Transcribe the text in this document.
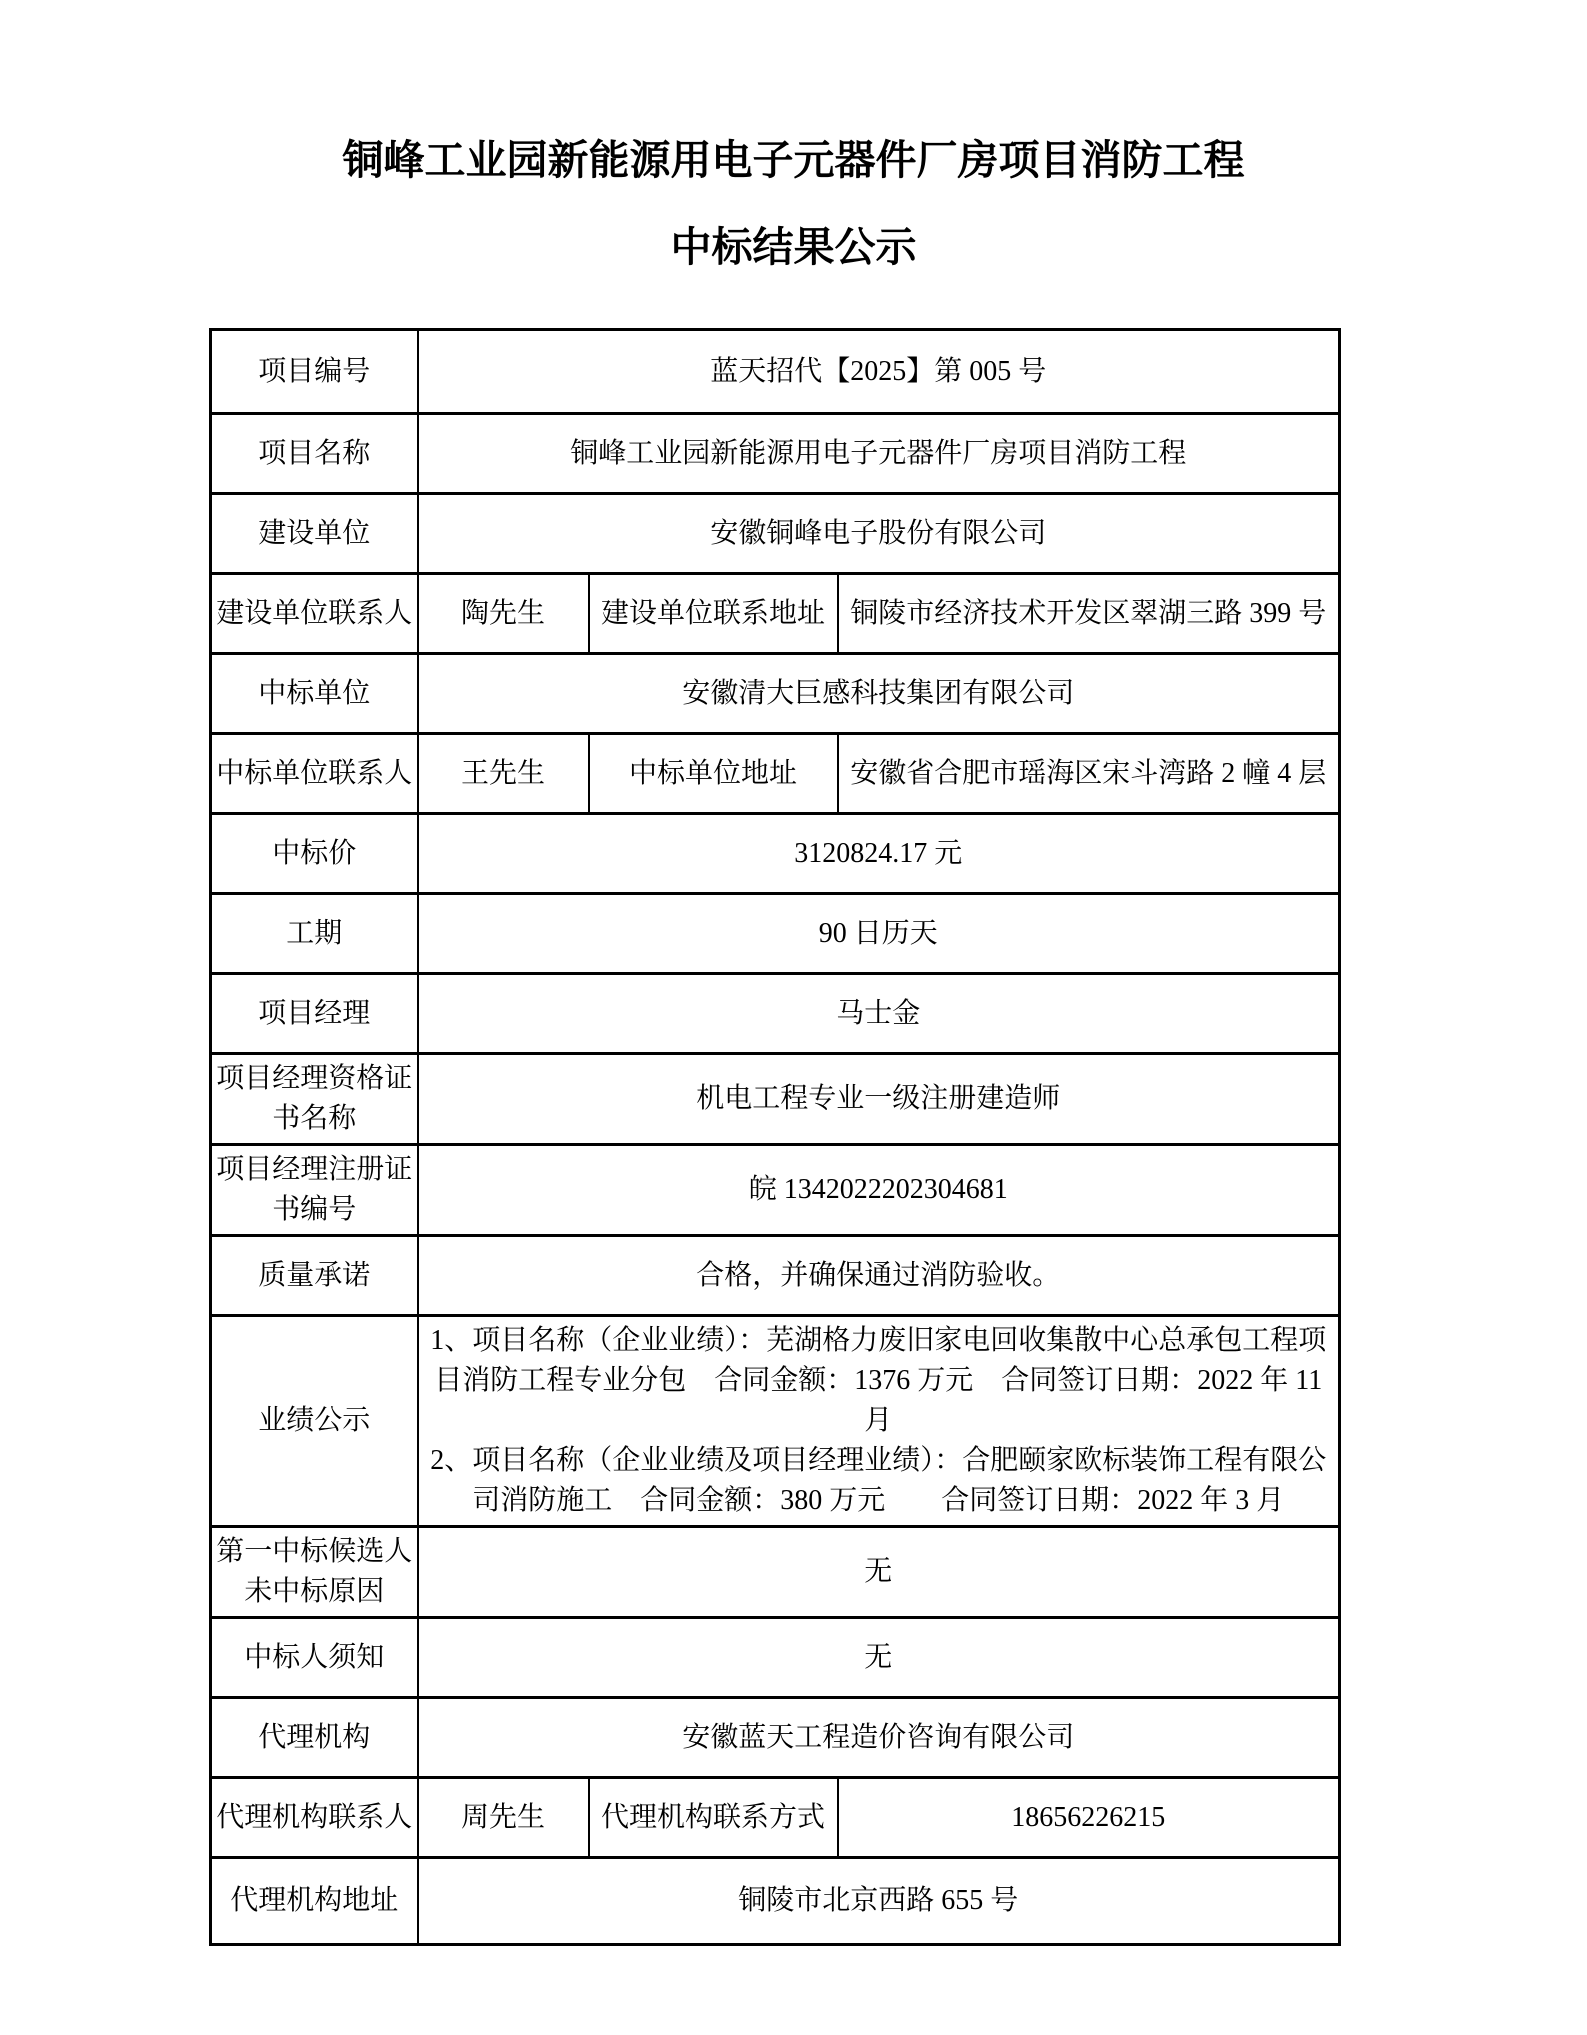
铜峰工业园新能源用电子元器件厂房项目消防工程
中标结果公示
项目编号	蓝天招代【2025】第 005 号		
项目名称	铜峰工业园新能源用电子元器件厂房项目消防工程		
建设单位	安徽铜峰电子股份有限公司		
建设单位联系人	陶先生	建设单位联系地址	铜陵市经济技术开发区翠湖三路 399 号
中标单位	安徽清大巨感科技集团有限公司		
中标单位联系人	王先生	中标单位地址	安徽省合肥市瑶海区宋斗湾路 2 幢 4 层
中标价	3120824.17 元		
工期	90 日历天		
项目经理	马士金		
项目经理资格证书名称	机电工程专业一级注册建造师		
项目经理注册证书编号	皖 1342022202304681		
质量承诺	合格，并确保通过消防验收。		
业绩公示	1、项目名称（企业业绩）：芜湖格力废旧家电回收集散中心总承包工程项
目消防工程专业分包　合同金额：1376 万元　合同签订日期：2022 年 11 月
2、项目名称（企业业绩及项目经理业绩）：合肥颐家欧标装饰工程有限公
司消防施工　合同金额：380 万元　　合同签订日期：2022 年 3 月		

第一中标候选人未中标原因	无		
中标人须知	无		
代理机构	安徽蓝天工程造价咨询有限公司		
代理机构联系人	周先生	代理机构联系方式	18656226215
代理机构地址	铜陵市北京西路 655 号		
